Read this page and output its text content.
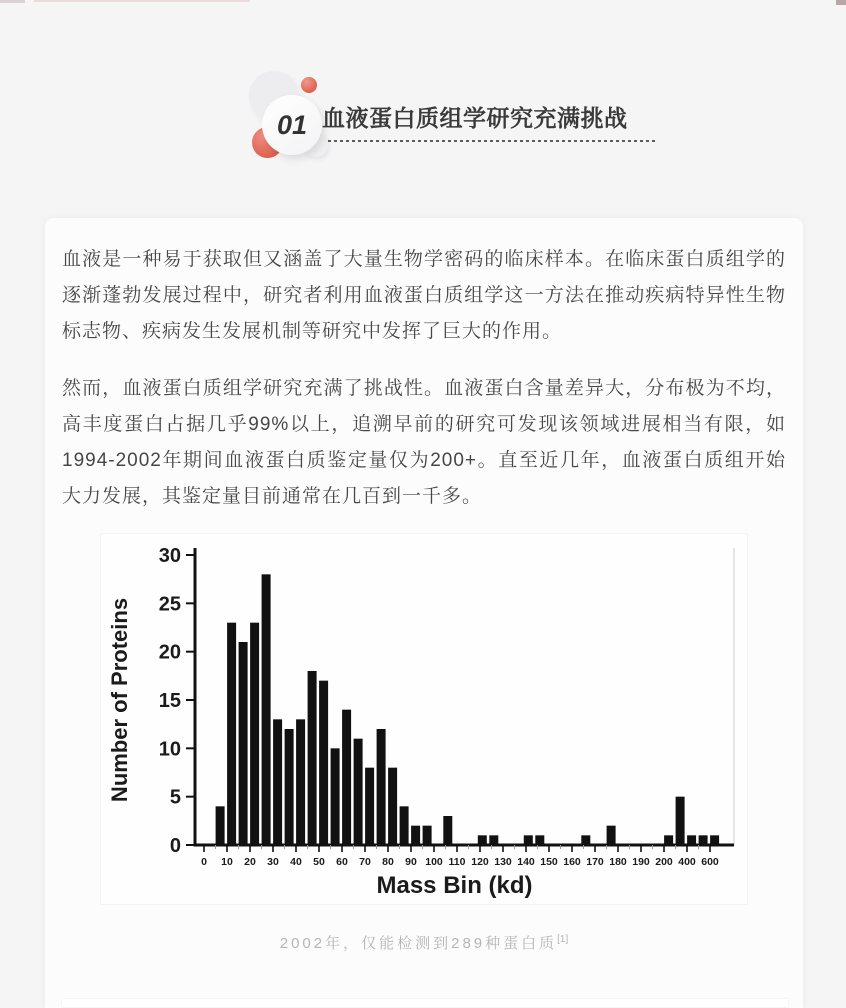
01 血液蛋白质组学研究充满挑战

血液是一种易于获取但又涵盖了大量生物学密码的临床样本。在临床蛋白质组学的逐渐蓬勃发展过程中，研究者利用血液蛋白质组学这一方法在推动疾病特异性生物标志物、疾病发生发展机制等研究中发挥了巨大的作用。

然而，血液蛋白质组学研究充满了挑战性。血液蛋白含量差异大，分布极为不均，高丰度蛋白占据几乎99%以上，追溯早前的研究可发现该领域进展相当有限，如1994-2002年期间血液蛋白质鉴定量仅为200+。直至近几年，血液蛋白质组开始大力发展，其鉴定量目前通常在几百到一千多。

0
5
10
15
20
25
30
0 10 20 30 40 50 60 70 80 90 100 110 120 130 140 150 160 170 180 190 200 400 600
Number of Proteins
Mass Bin (kd)
2002年，仅能检测到289种蛋白质[1]
